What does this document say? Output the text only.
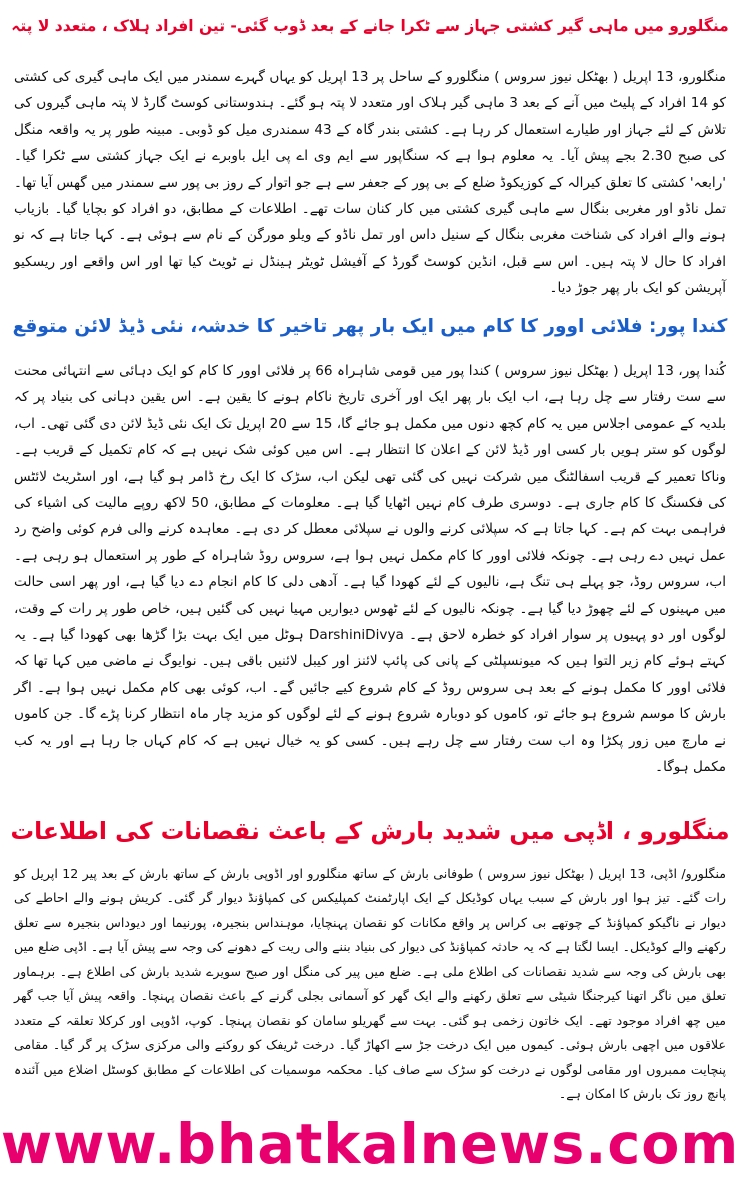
منگلورو میں ماہی گیر کشتی جہاز سے ٹکرا جانے کے بعد ڈوب گئی- تین افراد ہلاک ، متعدد لا پتہ
منگلورو، 13 اپریل ( بھٹکل نیوز سروس ) منگلورو کے ساحل پر 13 اپریل کو یہاں گہرے سمندر میں ایک ماہی گیری کی کشتی کو 14 افراد کے پلیٹ میں آنے کے بعد 3 ماہی گیر ہلاک اور متعدد لا پتہ ہو گئے۔ ہندوستانی کوسٹ گارڈ لا پتہ ماہی گیروں کی تلاش کے لئے جہاز اور طیارے استعمال کر رہا ہے۔ کشتی بندر گاہ کے 43 سمندری میل کو ڈوبی۔ مبینہ طور پر یہ واقعہ منگل کی صبح 2.30 بجے پیش آیا۔ یہ معلوم ہوا ہے کہ سنگاپور سے ایم وی اے پی ایل باوبرے نے ایک جہاز کشتی سے ٹکرا گیا۔ 'رابعہ' کشتی کا تعلق کیرالہ کے کوزیکوڈ ضلع کے بی پور کے جعفر سے ہے جو اتوار کے روز بی پور سے سمندر میں گھس آیا تھا۔ تمل ناڈو اور مغربی بنگال سے ماہی گیری کشتی میں کار کنان سات تھے۔ اطلاعات کے مطابق، دو افراد کو بچایا گیا۔ بازیاب ہونے والے افراد کی شناخت مغربی بنگال کے سنیل داس اور تمل ناڈو کے ویلو مورگن کے نام سے ہوئی ہے۔ کہا جاتا ہے کہ نو افراد کا حال لا پتہ ہیں۔ اس سے قبل، انڈین کوسٹ گورڈ کے آفیشل ٹویٹر ہینڈل نے ٹویٹ کیا تھا اور اس واقعے اور ریسکیو آپریشن کو ایک بار پھر جوڑ دیا۔
کندا پور: فلائی اوور کا کام میں ایک بار پھر تاخیر کا خدشہ، نئی ڈیڈ لائن متوقع
کُندا پور، 13 اپریل ( بھٹکل نیوز سروس ) کندا پور میں قومی شاہراہ 66 پر فلائی اوور کا کام کو ایک دہائی سے انتہائی محنت سے ست رفتار سے چل رہا ہے، اب ایک بار پھر ایک اور آخری تاریخ ناکام ہونے کا یقین ہے۔ اس یقین دہانی کی بنیاد پر کہ بلدیہ کے عمومی اجلاس میں یہ کام کچھ دنوں میں مکمل ہو جائے گا، 15 سے 20 اپریل تک ایک نئی ڈیڈ لائن دی گئی تھی۔ اب، لوگوں کو ستر ہویں بار کسی اور ڈیڈ لائن کے اعلان کا انتظار ہے۔ اس میں کوئی شک نہیں ہے کہ کام تکمیل کے قریب ہے۔ وناکا تعمیر کے قریب اسفالٹنگ میں شرکت نہیں کی گئی تھی لیکن اب، سڑک کا ایک رخ ڈامر ہو گیا ہے، اور اسٹریٹ لائٹس کی فکسنگ کا کام جاری ہے۔ دوسری طرف کام نہیں اٹھایا گیا ہے۔ معلومات کے مطابق، 50 لاکھ روپے مالیت کی اشیاء کی فراہمی بہت کم ہے۔ کہا جاتا ہے کہ سپلائی کرنے والوں نے سپلائی معطل کر دی ہے۔ معاہدہ کرنے والی فرم کوئی واضح رد عمل نہیں دے رہی ہے۔ چونکہ فلائی اوور کا کام مکمل نہیں ہوا ہے، سروس روڈ شاہراہ کے طور پر استعمال ہو رہی ہے۔ اب، سروس روڈ، جو پہلے ہی تنگ ہے، نالیوں کے لئے کھودا گیا ہے۔ آدھی دلی کا کام انجام دے دیا گیا ہے، اور پھر اسی حالت میں مہینوں کے لئے چھوڑ دیا گیا ہے۔ چونکہ نالیوں کے لئے ٹھوس دیواریں مہیا نہیں کی گئیں ہیں، خاص طور پر رات کے وقت، لوگوں اور دو پہیوں پر سوار افراد کو خطرہ لاحق ہے۔ DarshiniDivya ہوٹل میں ایک بہت بڑا گڑھا بھی کھودا گیا ہے۔ یہ کہتے ہوئے کام زیر التوا ہیں کہ میونسپلٹی کے پانی کی پائپ لائنز اور کیبل لائنیں باقی ہیں۔ نوایوگ نے ماضی میں کہا تھا کہ فلائی اوور کا مکمل ہونے کے بعد ہی سروس روڈ کے کام شروع کیے جائیں گے۔ اب، کوئی بھی کام مکمل نہیں ہوا ہے۔ اگر بارش کا موسم شروع ہو جائے تو، کاموں کو دوبارہ شروع ہونے کے لئے لوگوں کو مزید چار ماہ انتظار کرنا پڑے گا۔ جن کاموں نے مارچ میں زور پکڑا وہ اب ست رفتار سے چل رہے ہیں۔ کسی کو یہ خیال نہیں ہے کہ کام کہاں جا رہا ہے اور یہ کب مکمل ہوگا۔
منگلورو ، اڈپی میں شدید بارش کے باعث نقصانات کی اطلاعات
منگلورو/ اڈپی، 13 اپریل ( بھٹکل نیوز سروس ) طوفانی بارش کے ساتھ منگلورو اور اڈوپی بارش کے ساتھ بارش کے بعد پیر 12 اپریل کو رات گئے۔ تیز ہوا اور بارش کے سبب یہاں کوڈیکل کے ایک اپارٹمنٹ کمپلیکس کی کمپاؤنڈ دیوار گر گئی۔ کریش ہونے والے احاطے کی دیوار نے ناگیکو کمپاؤنڈ کے چوتھے بی کراس پر واقع مکانات کو نقصان پہنچایا، موہنداس بنجیرہ، پورنیما اور دیوداس بنجیرہ سے تعلق رکھنے والے کوڈیکل۔ ایسا لگتا ہے کہ یہ حادثہ کمپاؤنڈ کی دیوار کی بنیاد بننے والی ریت کے دھونے کی وجہ سے پیش آیا ہے۔ اڈپی ضلع میں بھی بارش کی وجہ سے شدید نقصانات کی اطلاع ملی ہے۔ ضلع میں پیر کی منگل اور صبح سویرے شدید بارش کی اطلاع ہے۔ برہماور تعلق میں ناگر اتھنا کیرجنگا شیٹی سے تعلق رکھنے والے ایک گھر کو آسمانی بجلی گرنے کے باعث نقصان پہنچا۔ واقعہ پیش آیا جب گھر میں چھ افراد موجود تھے۔ ایک خاتون زخمی ہو گئی۔ بہت سے گھریلو سامان کو نقصان پہنچا۔ کوپ، اڈوپی اور کرکلا تعلقہ کے متعدد علاقوں میں اچھی بارش ہوئی۔ کیموں میں ایک درخت جڑ سے اکھاڑ گیا۔ درخت ٹریفک کو روکنے والی مرکزی سڑک پر گر گیا۔ مقامی پنچایت ممبروں اور مقامی لوگوں نے درخت کو سڑک سے صاف کیا۔ محکمہ موسمیات کی اطلاعات کے مطابق کوسٹل اضلاع میں آئندہ پانچ روز تک بارش کا امکان ہے۔
www.bhatkalnews.com
